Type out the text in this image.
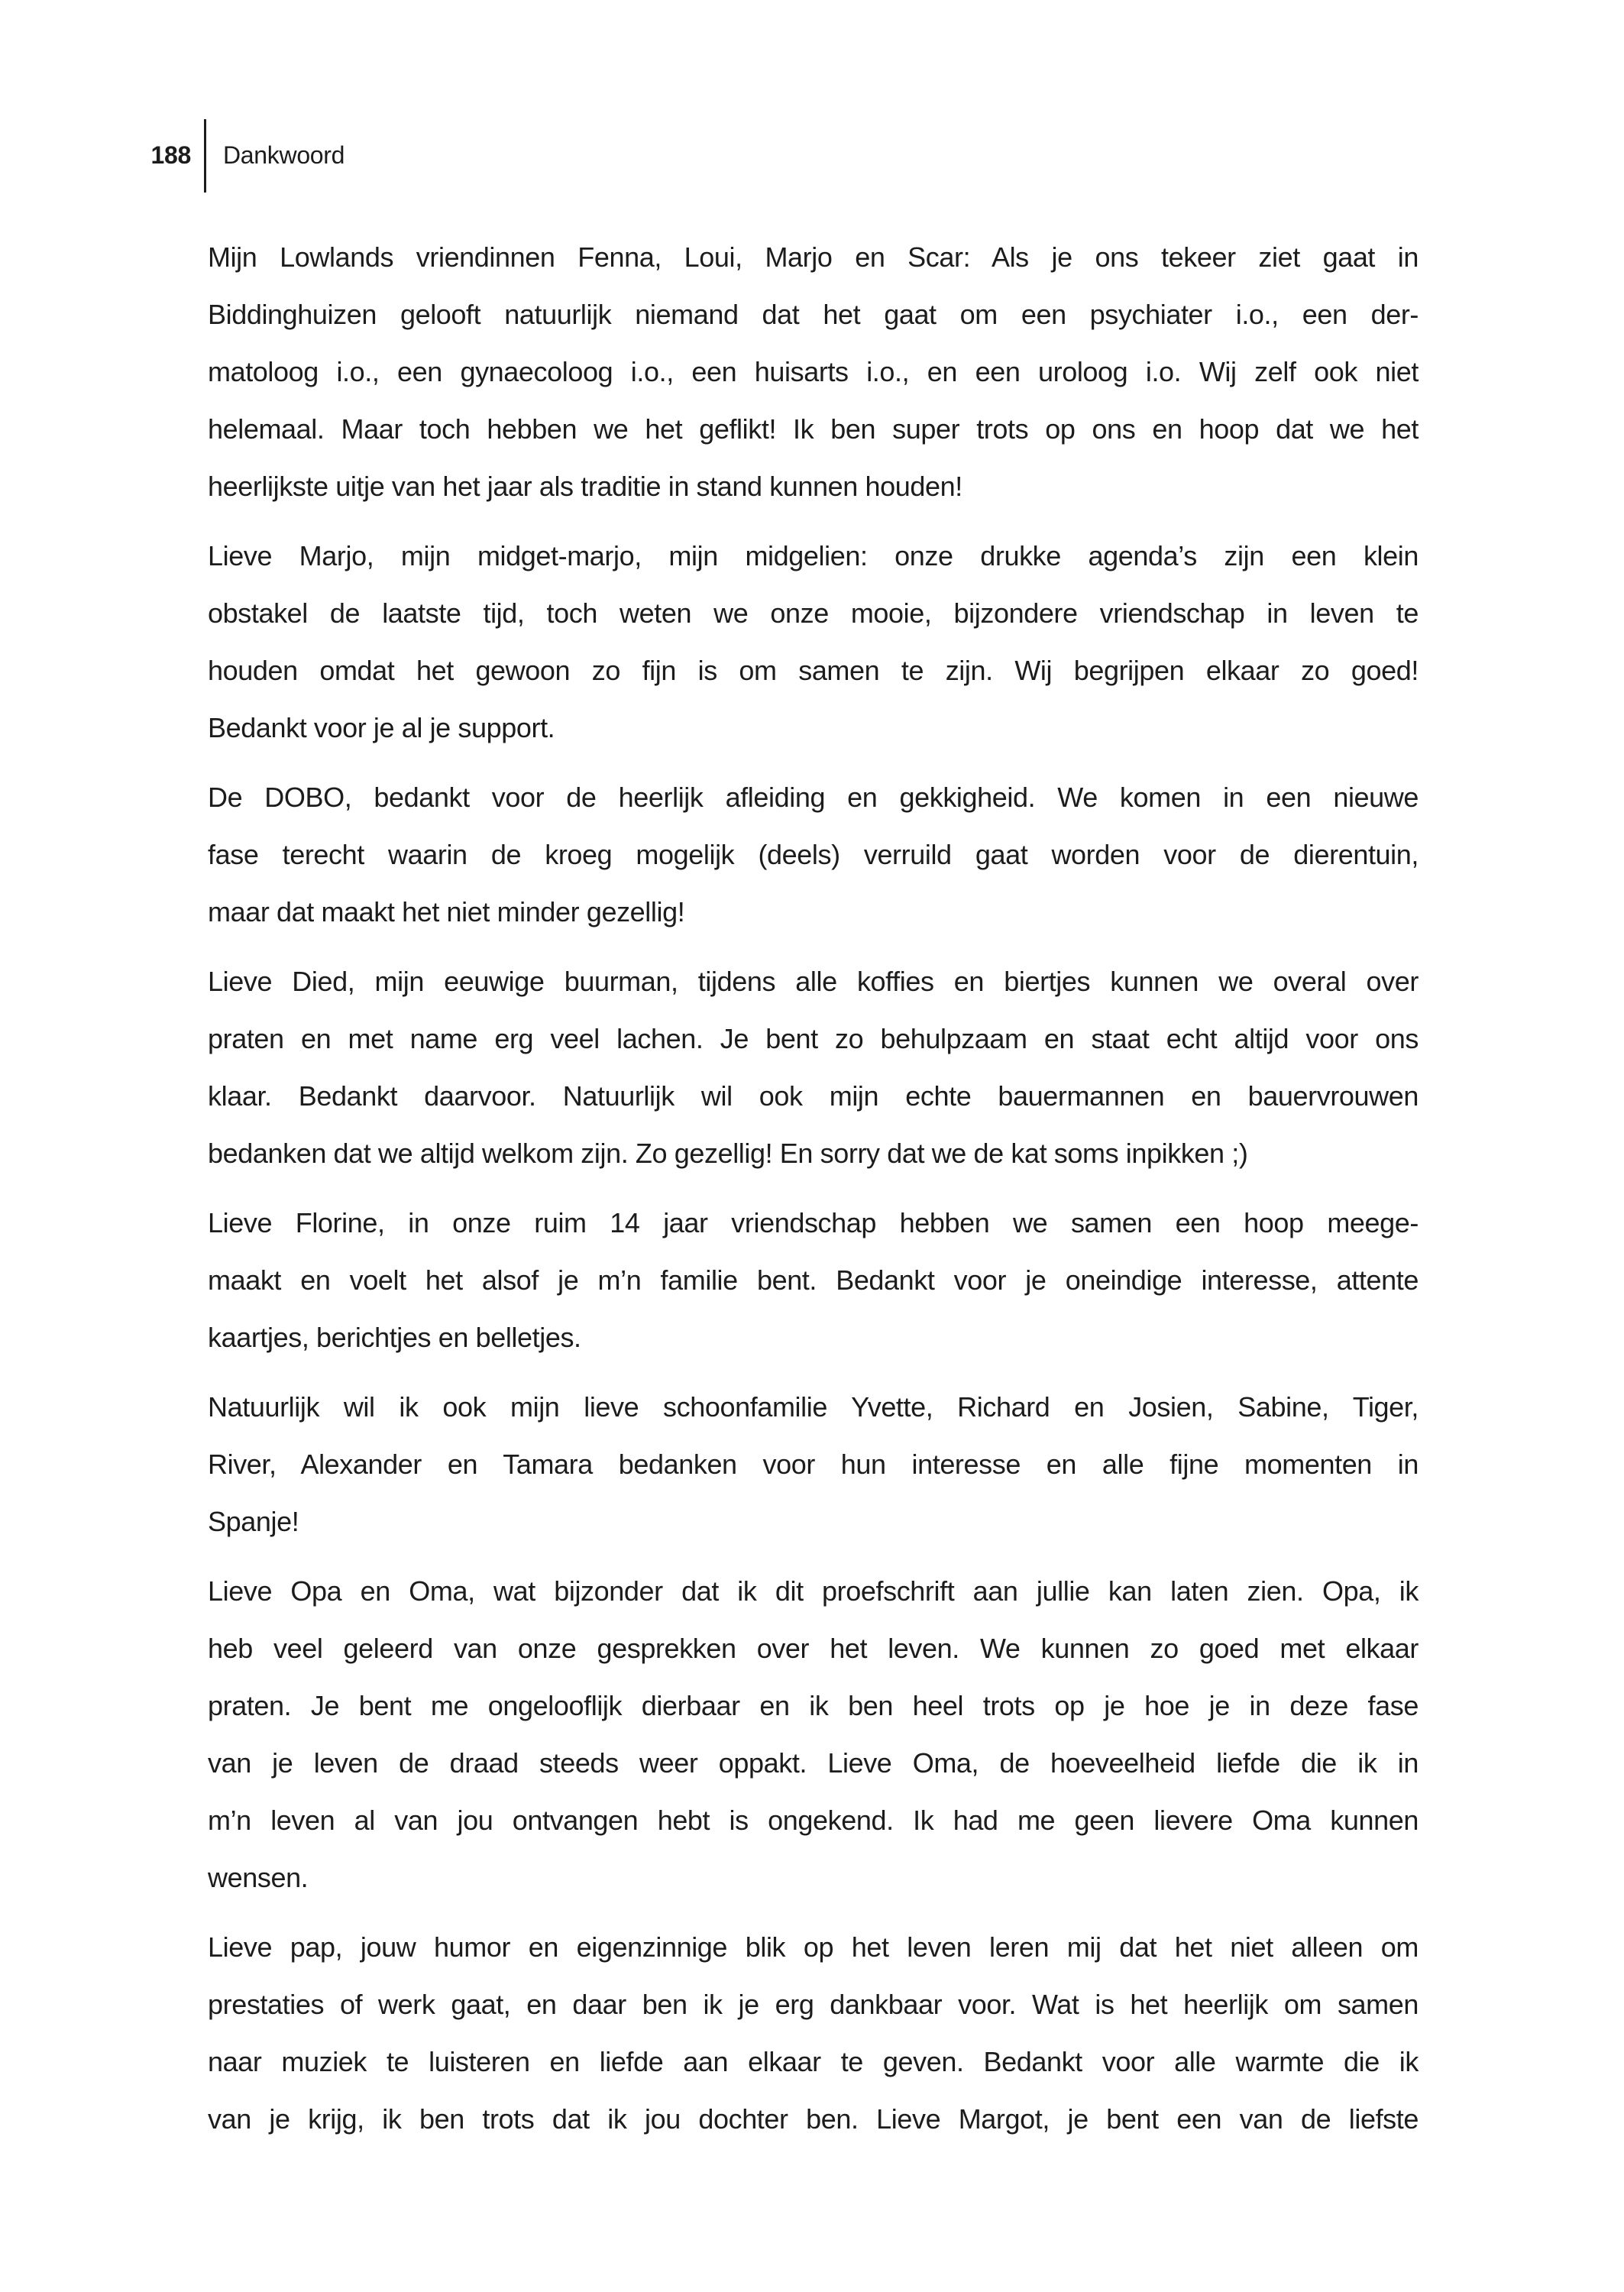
188 Dankwoord
Mijn Lowlands vriendinnen Fenna, Loui, Marjo en Scar: Als je ons tekeer ziet gaat in
Biddinghuizen gelooft natuurlijk niemand dat het gaat om een psychiater i.o., een der-
matoloog i.o., een gynaecoloog i.o., een huisarts i.o., en een uroloog i.o. Wij zelf ook niet
helemaal. Maar toch hebben we het geflikt! Ik ben super trots op ons en hoop dat we het
heerlijkste uitje van het jaar als traditie in stand kunnen houden!
Lieve Marjo, mijn midget-marjo, mijn midgelien: onze drukke agenda’s zijn een klein
obstakel de laatste tijd, toch weten we onze mooie, bijzondere vriendschap in leven te
houden omdat het gewoon zo fijn is om samen te zijn. Wij begrijpen elkaar zo goed!
Bedankt voor je al je support.
De DOBO, bedankt voor de heerlijk afleiding en gekkigheid. We komen in een nieuwe
fase terecht waarin de kroeg mogelijk (deels) verruild gaat worden voor de dierentuin,
maar dat maakt het niet minder gezellig!
Lieve Died, mijn eeuwige buurman, tijdens alle koffies en biertjes kunnen we overal over
praten en met name erg veel lachen. Je bent zo behulpzaam en staat echt altijd voor ons
klaar. Bedankt daarvoor. Natuurlijk wil ook mijn echte bauermannen en bauervrouwen
bedanken dat we altijd welkom zijn. Zo gezellig! En sorry dat we de kat soms inpikken ;)
Lieve Florine, in onze ruim 14 jaar vriendschap hebben we samen een hoop meege-
maakt en voelt het alsof je m’n familie bent. Bedankt voor je oneindige interesse, attente
kaartjes, berichtjes en belletjes.
Natuurlijk wil ik ook mijn lieve schoonfamilie Yvette, Richard en Josien, Sabine, Tiger,
River, Alexander en Tamara bedanken voor hun interesse en alle fijne momenten in
Spanje!
Lieve Opa en Oma, wat bijzonder dat ik dit proefschrift aan jullie kan laten zien. Opa, ik
heb veel geleerd van onze gesprekken over het leven. We kunnen zo goed met elkaar
praten. Je bent me ongelooflijk dierbaar en ik ben heel trots op je hoe je in deze fase
van je leven de draad steeds weer oppakt. Lieve Oma, de hoeveelheid liefde die ik in
m’n leven al van jou ontvangen hebt is ongekend. Ik had me geen lievere Oma kunnen
wensen.
Lieve pap, jouw humor en eigenzinnige blik op het leven leren mij dat het niet alleen om
prestaties of werk gaat, en daar ben ik je erg dankbaar voor. Wat is het heerlijk om samen
naar muziek te luisteren en liefde aan elkaar te geven. Bedankt voor alle warmte die ik
van je krijg, ik ben trots dat ik jou dochter ben. Lieve Margot, je bent een van de liefste
